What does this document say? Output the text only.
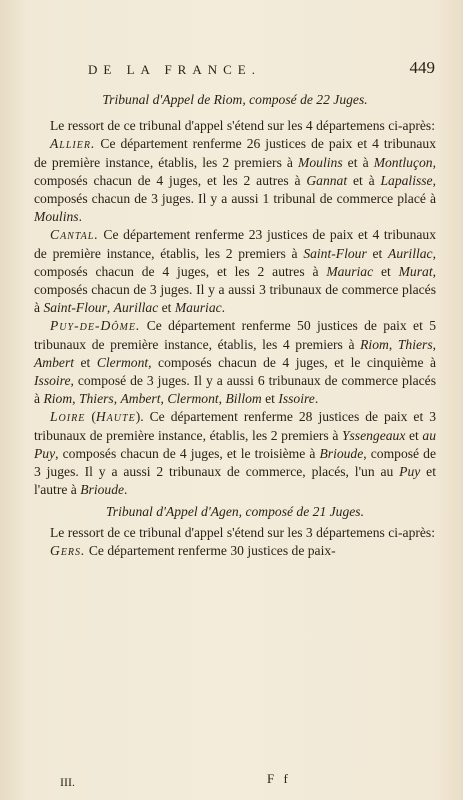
DE LA FRANCE.	449

Tribunal d'Appel de Riom, composé de 22 Juges.

Le ressort de ce tribunal d'appel s'étend sur les 4 départemens ci-après:

Allier. Ce département renferme 26 justices de paix et 4 tribunaux de première instance, établis, les 2 premiers à Moulins et à Montluçon, composés chacun de 4 juges, et les 2 autres à Gannat et à Lapalisse, composés chacun de 3 juges. Il y a aussi 1 tribunal de commerce placé à Moulins.

Cantal. Ce département renferme 23 justices de paix et 4 tribunaux de première instance, établis, les 2 premiers à Saint-Flour et Aurillac, composés chacun de 4 juges, et les 2 autres à Mauriac et Murat, composés chacun de 3 juges. Il y a aussi 3 tribunaux de commerce placés à Saint-Flour, Aurillac et Mauriac.

Puy-de-Dôme. Ce département renferme 50 justices de paix et 5 tribunaux de première instance, établis, les 4 premiers à Riom, Thiers, Ambert et Clermont, composés chacun de 4 juges, et le cinquième à Issoire, composé de 3 juges. Il y a aussi 6 tribunaux de commerce placés à Riom, Thiers, Ambert, Clermont, Billom et Issoire.

Loire (Haute). Ce département renferme 28 justices de paix et 3 tribunaux de première instance, établis, les 2 premiers à Yssengeaux et au Puy, composés chacun de 4 juges, et le troisième à Brioude, composé de 3 juges. Il y a aussi 2 tribunaux de commerce, placés, l'un au Puy et l'autre à Brioude.

Tribunal d'Appel d'Agen, composé de 21 Juges.

Le ressort de ce tribunal d'appel s'étend sur les 3 départemens ci-après:

Gers. Ce département renferme 30 justices de paix-

III.	F f
